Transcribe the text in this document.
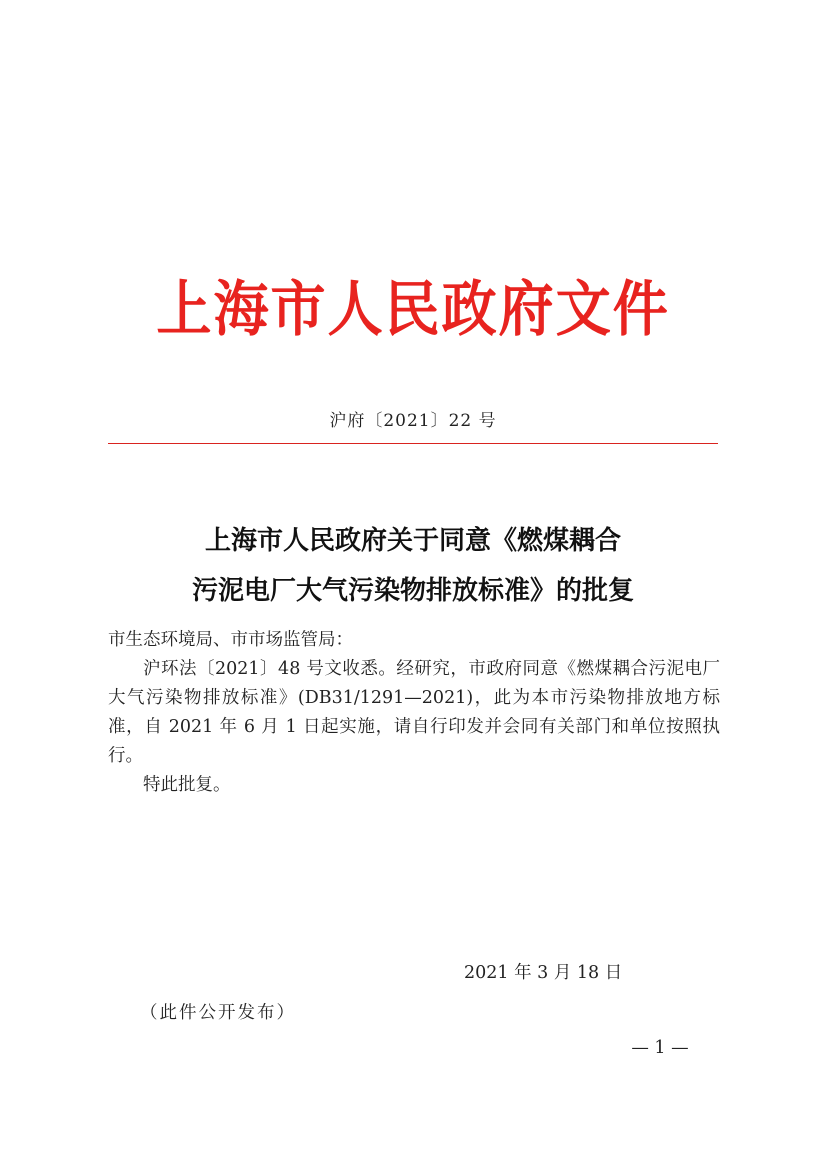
上海市人民政府文件
沪府〔2021〕22 号
上海市人民政府关于同意《燃煤耦合
污泥电厂大气污染物排放标准》的批复

市生态环境局、市市场监管局：

沪环法〔2021〕48 号文收悉。经研究，市政府同意《燃煤耦合污泥电厂大气污染物排放标准》(DB31/1291—2021)，此为本市污染物排放地方标准，自 2021 年 6 月 1 日起实施，请自行印发并会同有关部门和单位按照执行。

特此批复。

2021 年 3 月 18 日
（此件公开发布）
— 1 —
